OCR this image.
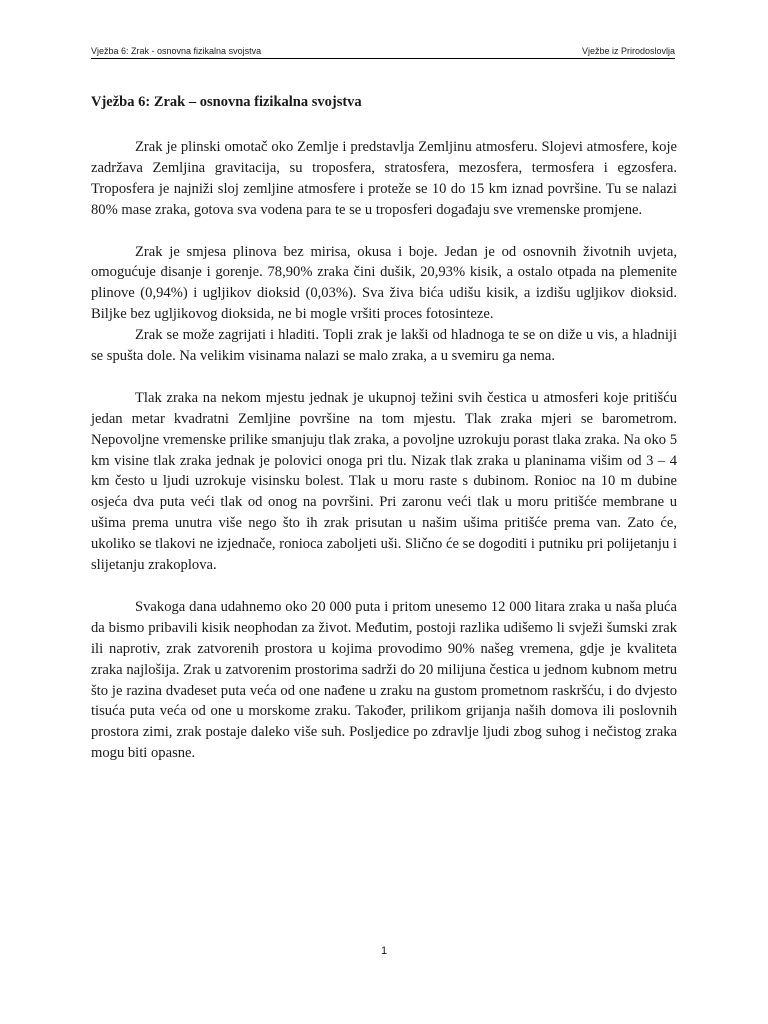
Vježba 6: Zrak - osnovna fizikalna svojstva	Vježbe iz Prirodoslovlja
Vježba 6: Zrak – osnovna fizikalna svojstva

Zrak je plinski omotač oko Zemlje i predstavlja Zemljinu atmosferu. Slojevi atmosfere, koje zadržava Zemljina gravitacija, su troposfera, stratosfera, mezosfera, termosfera i egzosfera. Troposfera je najniži sloj zemljine atmosfere i proteže se 10 do 15 km iznad površine. Tu se nalazi 80% mase zraka, gotova sva vodena para te se u troposferi događaju sve vremenske promjene.

Zrak je smjesa plinova bez mirisa, okusa i boje. Jedan je od osnovnih životnih uvjeta, omogućuje disanje i gorenje. 78,90% zraka čini dušik, 20,93% kisik, a ostalo otpada na plemenite plinove (0,94%) i ugljikov dioksid (0,03%). Sva živa bića udišu kisik, a izdišu ugljikov dioksid. Biljke bez ugljikovog dioksida, ne bi mogle vršiti proces fotosinteze.

Zrak se može zagrijati i hladiti. Topli zrak je lakši od hladnoga te se on diže u vis, a hladniji se spušta dole. Na velikim visinama nalazi se malo zraka, a u svemiru ga nema.

Tlak zraka na nekom mjestu jednak je ukupnoj težini svih čestica u atmosferi koje pritišću jedan metar kvadratni Zemljine površine na tom mjestu. Tlak zraka mjeri se barometrom. Nepovoljne vremenske prilike smanjuju tlak zraka, a povoljne uzrokuju porast tlaka zraka. Na oko 5 km visine tlak zraka jednak je polovici onoga pri tlu. Nizak tlak zraka u planinama višim od 3 – 4 km često u ljudi uzrokuje visinsku bolest. Tlak u moru raste s dubinom. Ronioc na 10 m dubine osjeća dva puta veći tlak od onog na površini. Pri zaronu veći tlak u moru pritišće membrane u ušima prema unutra više nego što ih zrak prisutan u našim ušima pritišće prema van. Zato će, ukoliko se tlakovi ne izjednače, ronioca zaboljeti uši. Slično će se dogoditi i putniku pri polijetanju i slijetanju zrakoplova.

Svakoga dana udahnemo oko 20 000 puta i pritom unesemo 12 000 litara zraka u naša pluća da bismo pribavili kisik neophodan za život. Međutim, postoji razlika udišemo li svježi šumski zrak ili naprotiv, zrak zatvorenih prostora u kojima provodimo 90% našeg vremena, gdje je kvaliteta zraka najlošija. Zrak u zatvorenim prostorima sadrži do 20 milijuna čestica u jednom kubnom metru što je razina dvadeset puta veća od one nađene u zraku na gustom prometnom raskršću, i do dvjesto tisuća puta veća od one u morskome zraku. Također, prilikom grijanja naših domova ili poslovnih prostora zimi, zrak postaje daleko više suh. Posljedice po zdravlje ljudi zbog suhog i nečistog zraka mogu biti opasne.

1
